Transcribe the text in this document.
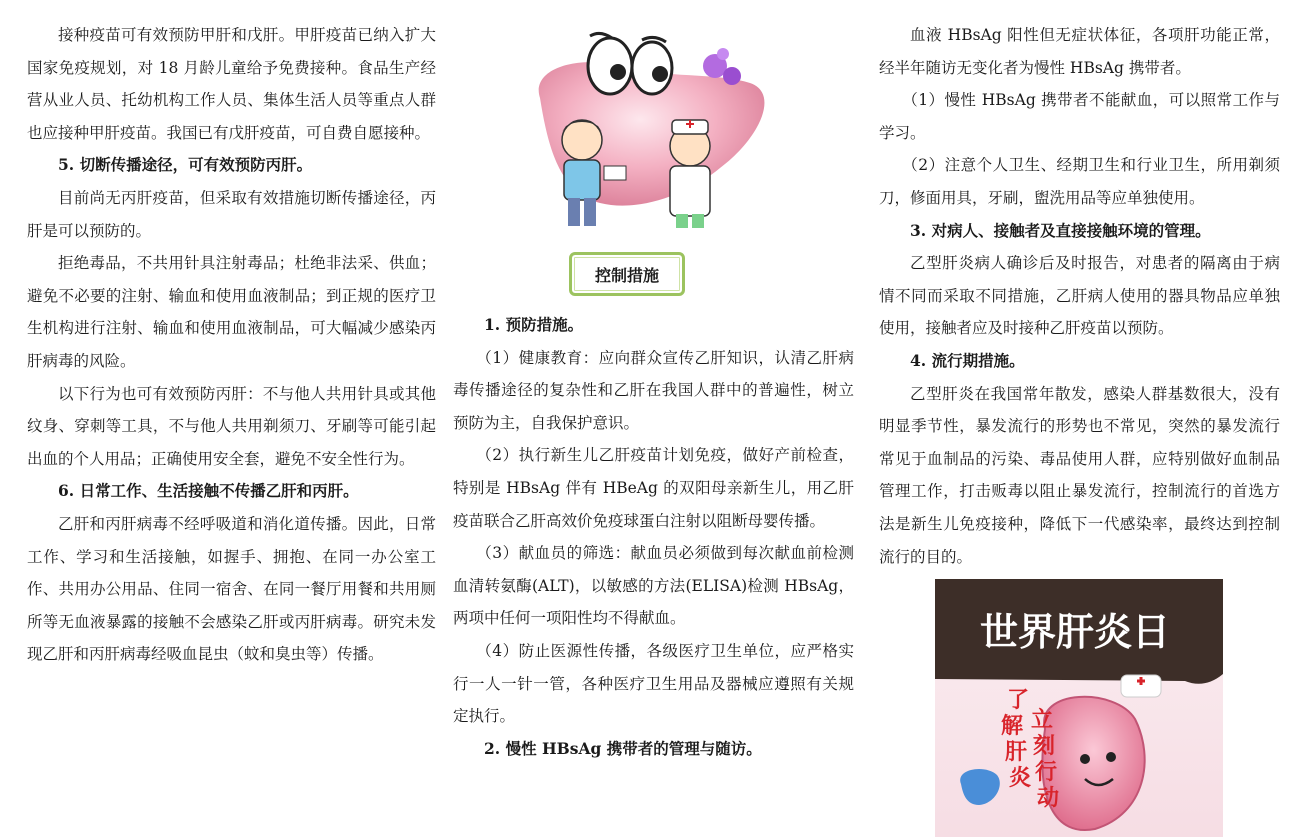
接种疫苗可有效预防甲肝和戊肝。甲肝疫苗已纳入扩大国家免疫规划，对 18 月龄儿童给予免费接种。食品生产经营从业人员、托幼机构工作人员、集体生活人员等重点人群也应接种甲肝疫苗。我国已有戊肝疫苗，可自费自愿接种。

5. 切断传播途径，可有效预防丙肝。

目前尚无丙肝疫苗，但采取有效措施切断传播途径，丙肝是可以预防的。

拒绝毒品，不共用针具注射毒品；杜绝非法采、供血；避免不必要的注射、输血和使用血液制品；到正规的医疗卫生机构进行注射、输血和使用血液制品，可大幅减少感染丙肝病毒的风险。

以下行为也可有效预防丙肝：不与他人共用针具或其他纹身、穿刺等工具，不与他人共用剃须刀、牙刷等可能引起出血的个人用品；正确使用安全套，避免不安全性行为。

6. 日常工作、生活接触不传播乙肝和丙肝。

乙肝和丙肝病毒不经呼吸道和消化道传播。因此，日常工作、学习和生活接触，如握手、拥抱、在同一办公室工作、共用办公用品、住同一宿舍、在同一餐厅用餐和共用厕所等无血液暴露的接触不会感染乙肝或丙肝病毒。研究未发现乙肝和丙肝病毒经吸血昆虫（蚊和臭虫等）传播。

控制措施

1. 预防措施。

（1）健康教育：应向群众宣传乙肝知识，认清乙肝病毒传播途径的复杂性和乙肝在我国人群中的普遍性，树立预防为主，自我保护意识。

（2）执行新生儿乙肝疫苗计划免疫，做好产前检查，特别是 HBsAg 伴有 HBeAg 的双阳母亲新生儿，用乙肝疫苗联合乙肝高效价免疫球蛋白注射以阻断母婴传播。

（3）献血员的筛选：献血员必须做到每次献血前检测血清转氨酶(ALT)，以敏感的方法(ELISA)检测 HBsAg，两项中任何一项阳性均不得献血。

（4）防止医源性传播，各级医疗卫生单位，应严格实行一人一针一管，各种医疗卫生用品及器械应遵照有关规定执行。

2. 慢性 HBsAg 携带者的管理与随访。

血液 HBsAg 阳性但无症状体征，各项肝功能正常，经半年随访无变化者为慢性 HBsAg 携带者。

（1）慢性 HBsAg 携带者不能献血，可以照常工作与学习。

（2）注意个人卫生、经期卫生和行业卫生，所用剃须刀，修面用具，牙刷，盥洗用品等应单独使用。

3. 对病人、接触者及直接接触环境的管理。

乙型肝炎病人确诊后及时报告，对患者的隔离由于病情不同而采取不同措施，乙肝病人使用的器具物品应单独使用，接触者应及时接种乙肝疫苗以预防。

4. 流行期措施。

乙型肝炎在我国常年散发，感染人群基数很大，没有明显季节性，暴发流行的形势也不常见，突然的暴发流行常见于血制品的污染、毒品使用人群，应特别做好血制品管理工作，打击贩毒以阻止暴发流行，控制流行的首选方法是新生儿免疫接种，降低下一代感染率，最终达到控制流行的目的。

世界肝炎日
了
解
肝
炎
立
刻
行
动
